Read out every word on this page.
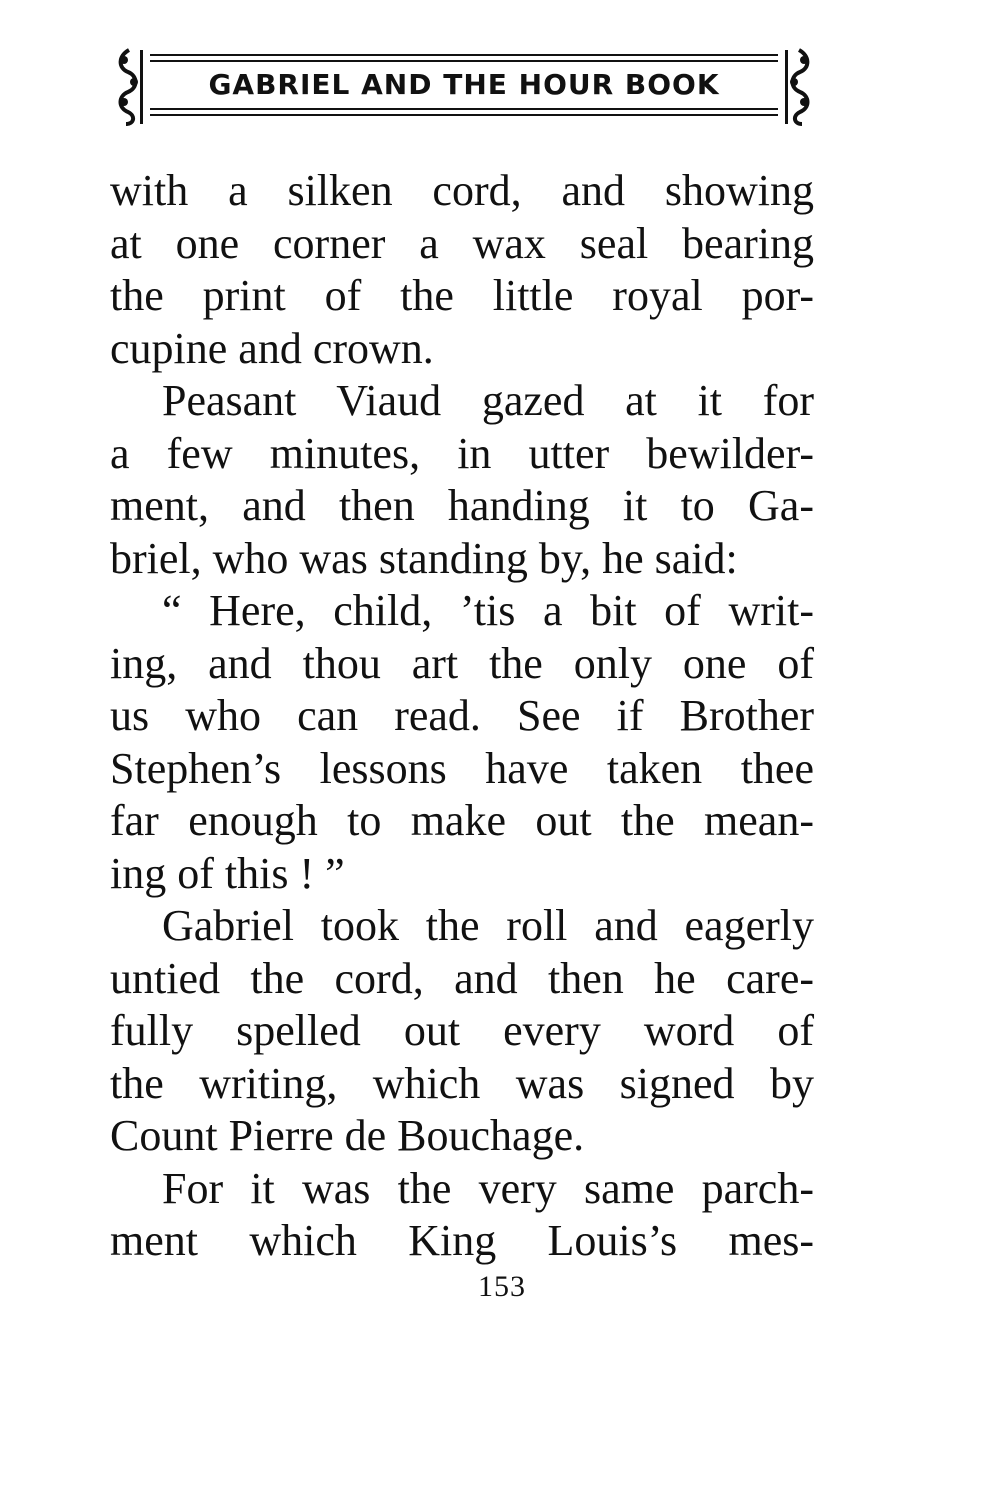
GABRIEL AND THE HOUR BOOK
with a silken cord, and showing
at one corner a wax seal bearing
the print of the little royal por-
cupine and crown.
Peasant Viaud gazed at it for
a few minutes, in utter bewilder-
ment, and then handing it to Ga-
briel, who was standing by, he said:
“ Here, child, ’tis a bit of writ-
ing, and thou art the only one of
us who can read. See if Brother
Stephen’s lessons have taken thee
far enough to make out the mean-
ing of this ! ”
Gabriel took the roll and eagerly
untied the cord, and then he care-
fully spelled out every word of
the writing, which was signed by
Count Pierre de Bouchage.
For it was the very same parch-
ment which King Louis’s mes-
153
